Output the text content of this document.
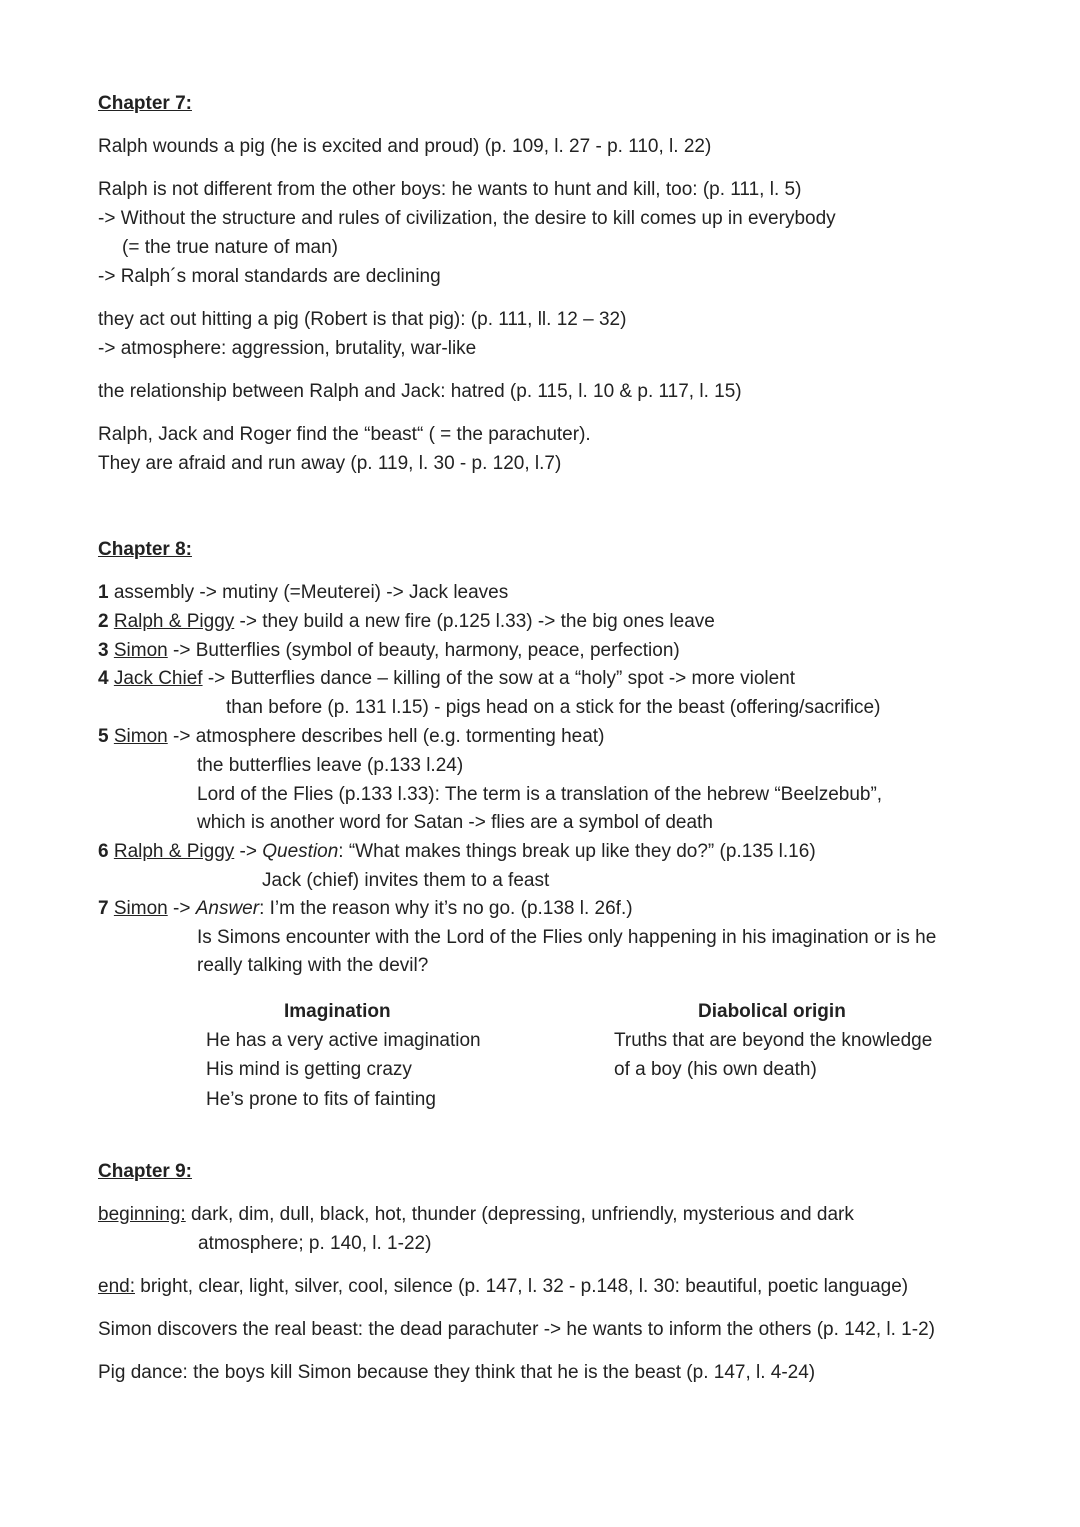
Chapter 7:
Ralph wounds a pig (he is excited and proud) (p. 109, l. 27 - p. 110, l. 22)
Ralph is not different from the other boys: he wants to hunt and kill, too: (p. 111, l. 5)
-> Without the structure and rules of civilization, the desire to kill comes up in everybody
(= the true nature of man)
-> Ralph´s moral standards are declining
they act out hitting a pig (Robert is that pig): (p. 111, ll. 12 – 32)
-> atmosphere: aggression, brutality, war-like
the relationship between Ralph and Jack: hatred (p. 115, l. 10 & p. 117, l. 15)
Ralph, Jack and Roger find the “beast“ ( = the parachuter).
They are afraid and run away (p. 119, l. 30 - p. 120, l.7)
Chapter 8:
1 assembly -> mutiny (=Meuterei) -> Jack leaves
2 Ralph & Piggy -> they build a new fire (p.125 l.33) -> the big ones leave
3 Simon -> Butterflies (symbol of beauty, harmony, peace, perfection)
4 Jack Chief -> Butterflies dance – killing of the sow at a “holy” spot -> more violent
than before (p. 131 l.15) - pigs head on a stick for the beast (offering/sacrifice)
5 Simon -> atmosphere describes hell (e.g. tormenting heat)
the butterflies leave (p.133 l.24)
Lord of the Flies (p.133 l.33): The term is a translation of the hebrew “Beelzebub”,
which is another word for Satan -> flies are a symbol of death
6 Ralph & Piggy -> Question: “What makes things break up like they do?” (p.135 l.16)
Jack (chief) invites them to a feast
7 Simon -> Answer: I’m the reason why it’s no go. (p.138 l. 26f.)
Is Simons encounter with the Lord of the Flies only happening in his imagination or is he
really talking with the devil?
Imagination
He has a very active imagination
His mind is getting crazy
He’s prone to fits of fainting
Diabolical origin
Truths that are beyond the knowledge
of a boy (his own death)
Chapter 9:
beginning: dark, dim, dull, black, hot, thunder (depressing, unfriendly, mysterious and dark
atmosphere; p. 140, l. 1-22)
end: bright, clear, light, silver, cool, silence (p. 147, l. 32 - p.148, l. 30: beautiful, poetic language)
Simon discovers the real beast: the dead parachuter -> he wants to inform the others (p. 142, l. 1-2)
Pig dance: the boys kill Simon because they think that he is the beast (p. 147, l. 4-24)
